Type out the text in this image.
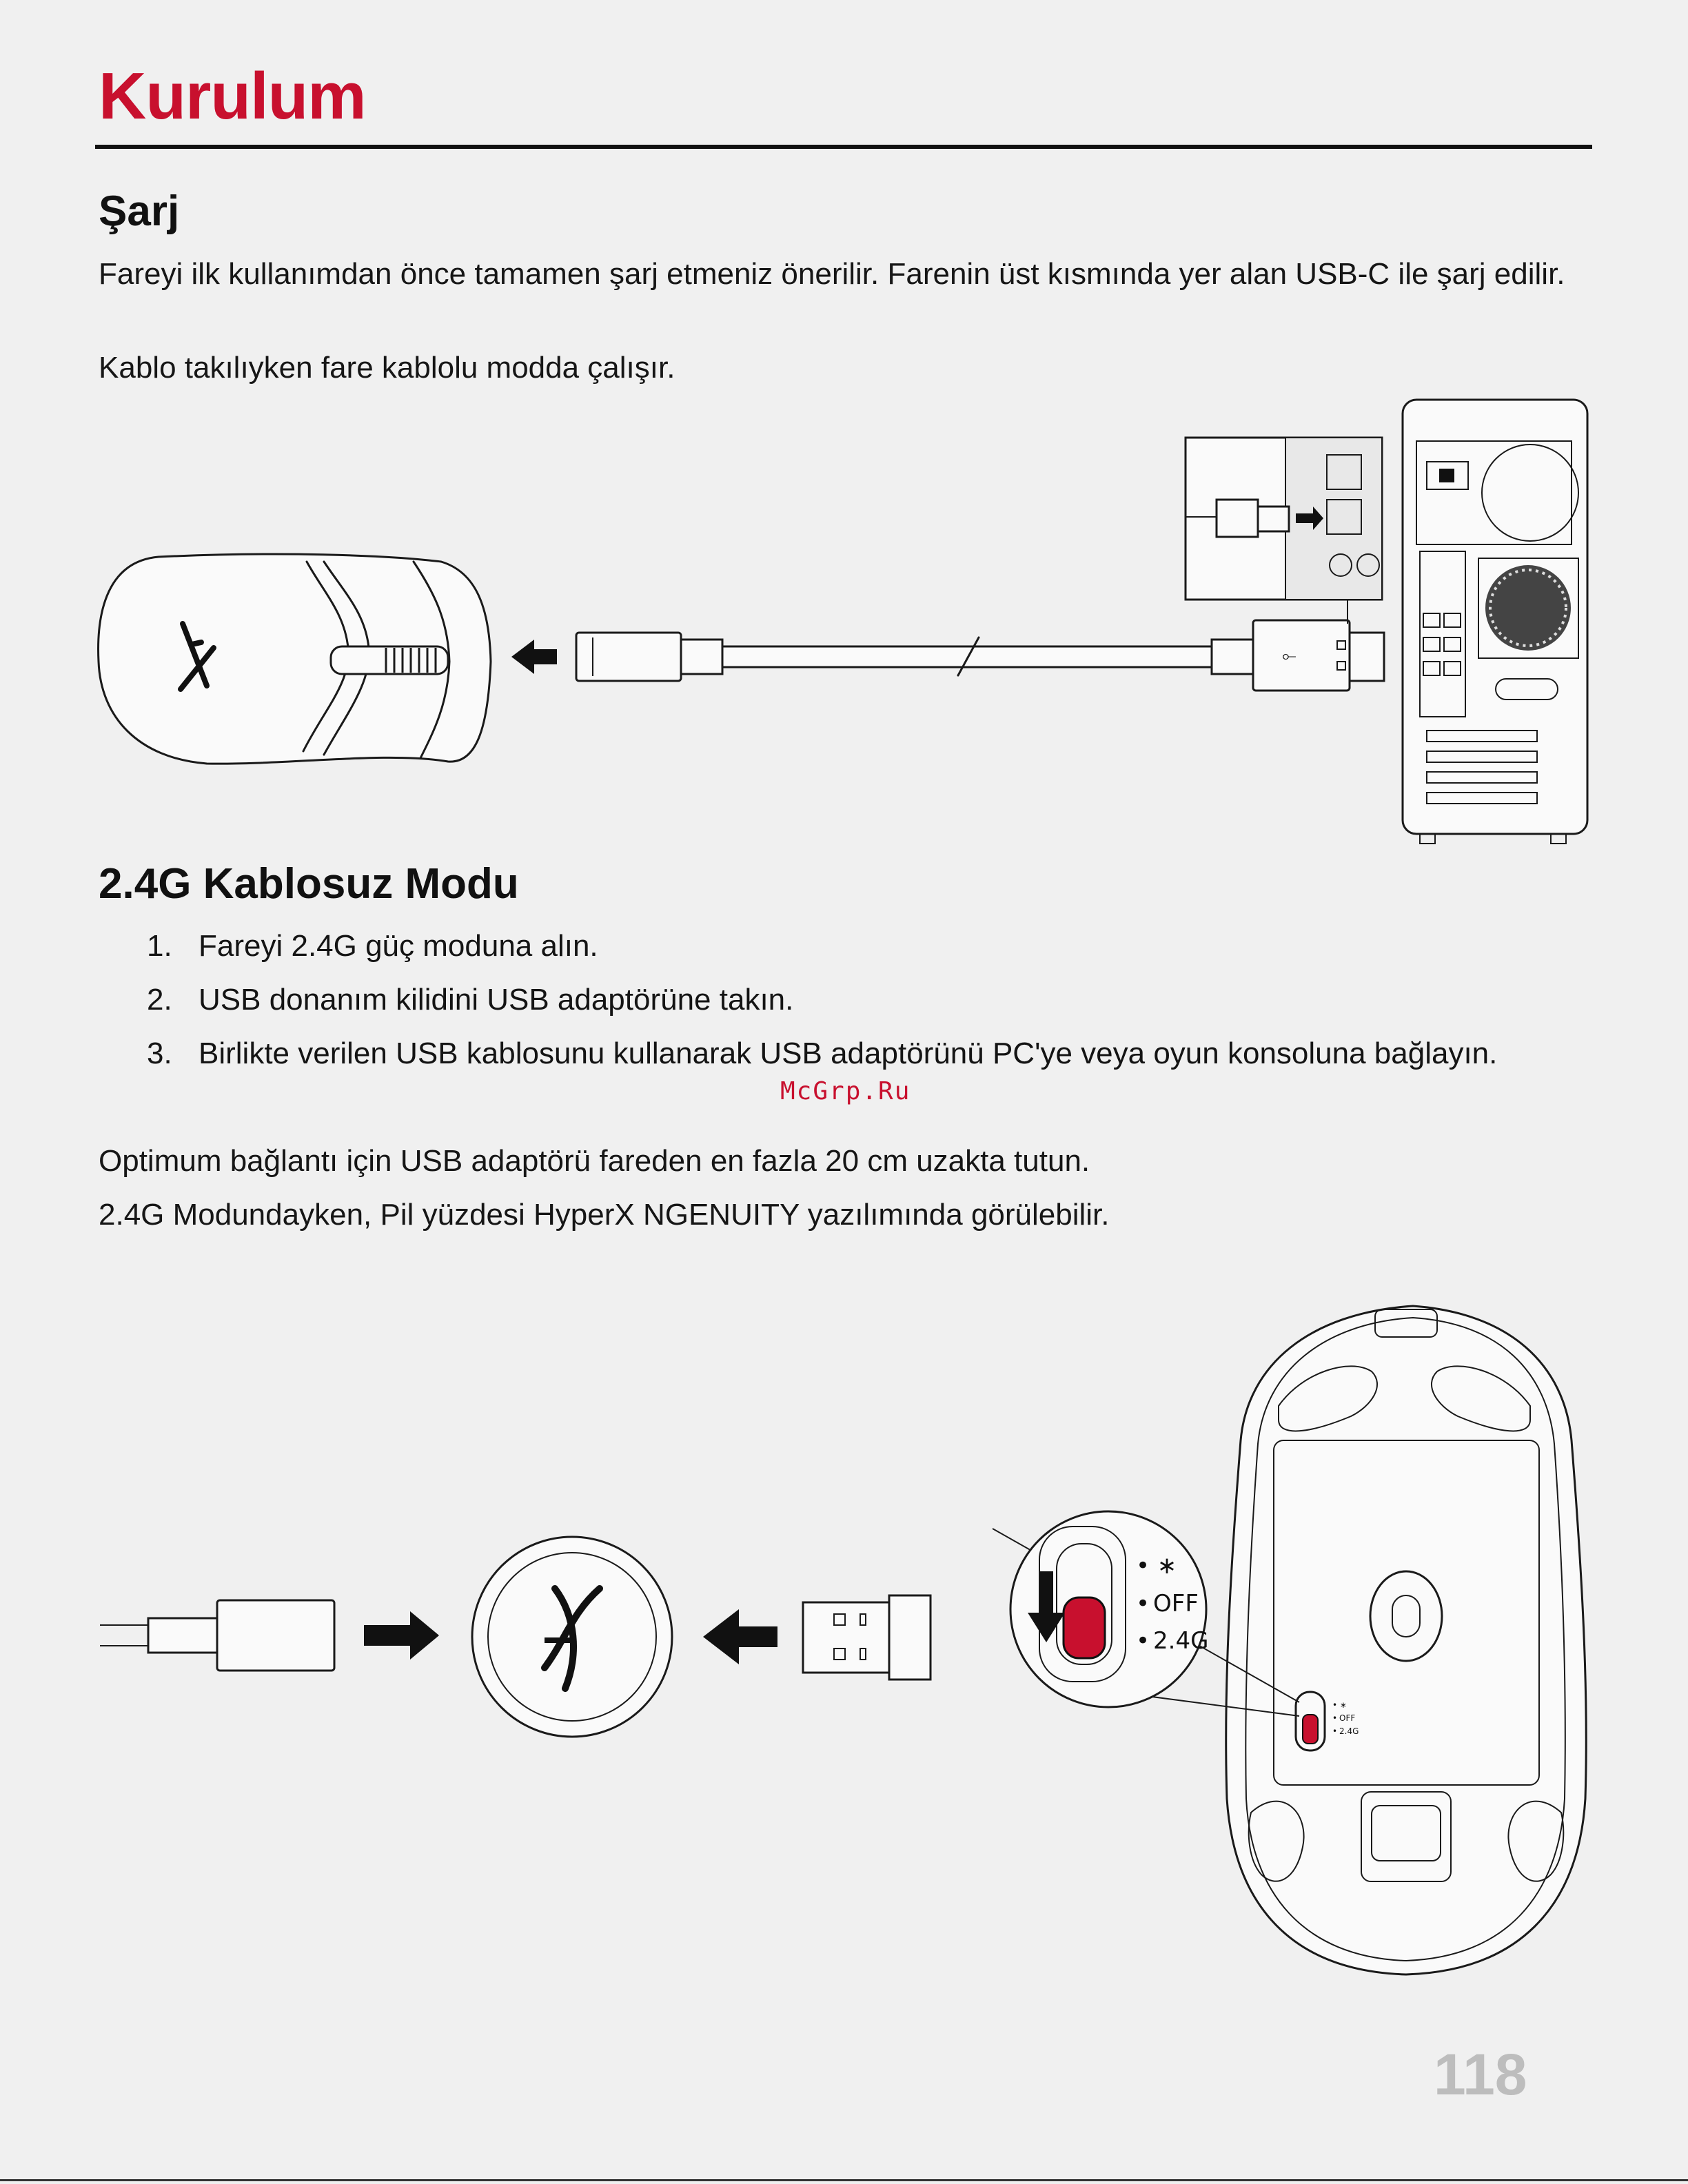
Kurulum
Şarj
Fareyi ilk kullanımdan önce tamamen şarj etmeniz önerilir. Farenin üst kısmında yer alan USB-C ile şarj edilir.
Kablo takılıyken fare kablolu modda çalışır.
⟜
2.4G Kablosuz Modu
1. Fareyi 2.4G güç moduna alın.
2. USB donanım kilidini USB adaptörüne takın.
3. Birlikte verilen USB kablosunu kullanarak USB adaptörünü PC'ye veya oyun konsoluna bağlayın.
McGrp.Ru
Optimum bağlantı için USB adaptörü fareden en fazla 20 cm uzakta tutun.
2.4G Modundayken, Pil yüzdesi HyperX NGENUITY yazılımında görülebilir.
• ∗
• OFF
• 2.4G
• ∗
• OFF
• 2.4G
118
